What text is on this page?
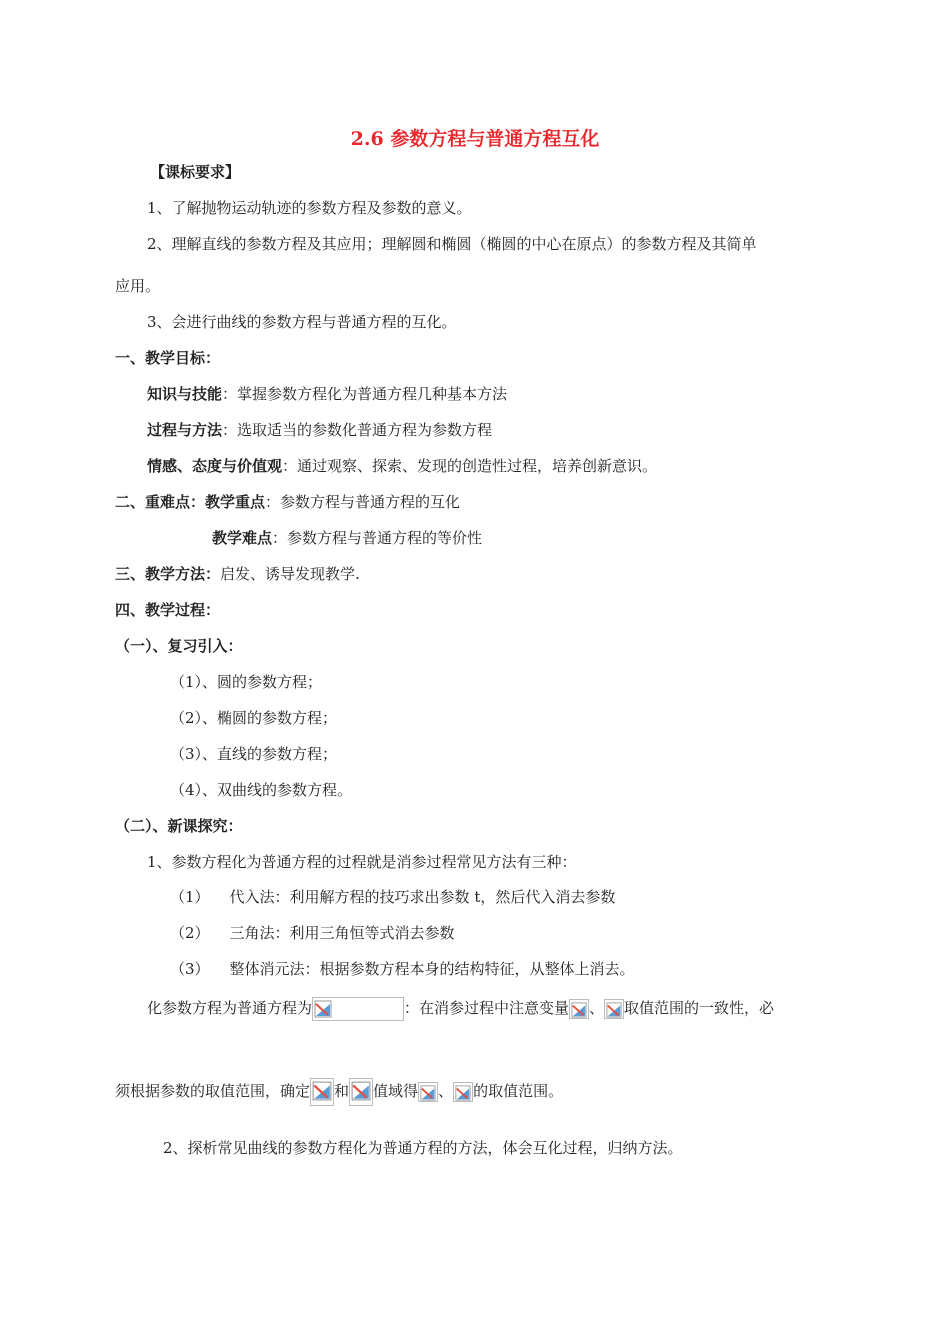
2.6 参数方程与普通方程互化
【课标要求】
1、了解抛物运动轨迹的参数方程及参数的意义。
2、理解直线的参数方程及其应用；理解圆和椭圆（椭圆的中心在原点）的参数方程及其简单
应用。
3、会进行曲线的参数方程与普通方程的互化。
一、教学目标：
知识与技能：掌握参数方程化为普通方程几种基本方法
过程与方法：选取适当的参数化普通方程为参数方程
情感、态度与价值观：通过观察、探索、发现的创造性过程，培养创新意识。
二、重难点：教学重点：参数方程与普通方程的互化
教学难点：参数方程与普通方程的等价性
三、教学方法：启发、诱导发现教学.
四、教学过程：
（一）、复习引入：
（1）、圆的参数方程；
（2）、椭圆的参数方程；
（3）、直线的参数方程；
（4）、双曲线的参数方程。
（二）、新课探究：
1、参数方程化为普通方程的过程就是消参过程常见方法有三种：
（1） 代入法：利用解方程的技巧求出参数 t，然后代入消去参数
（2） 三角法：利用三角恒等式消去参数
（3） 整体消元法：根据参数方程本身的结构特征，从整体上消去。
化参数方程为普通方程为	：在消参过程中注意变量 、 取值范围的一致性，必
须根据参数的取值范围，确定 和 值域得 、 的取值范围。
2、探析常见曲线的参数方程化为普通方程的方法，体会互化过程，归纳方法。
